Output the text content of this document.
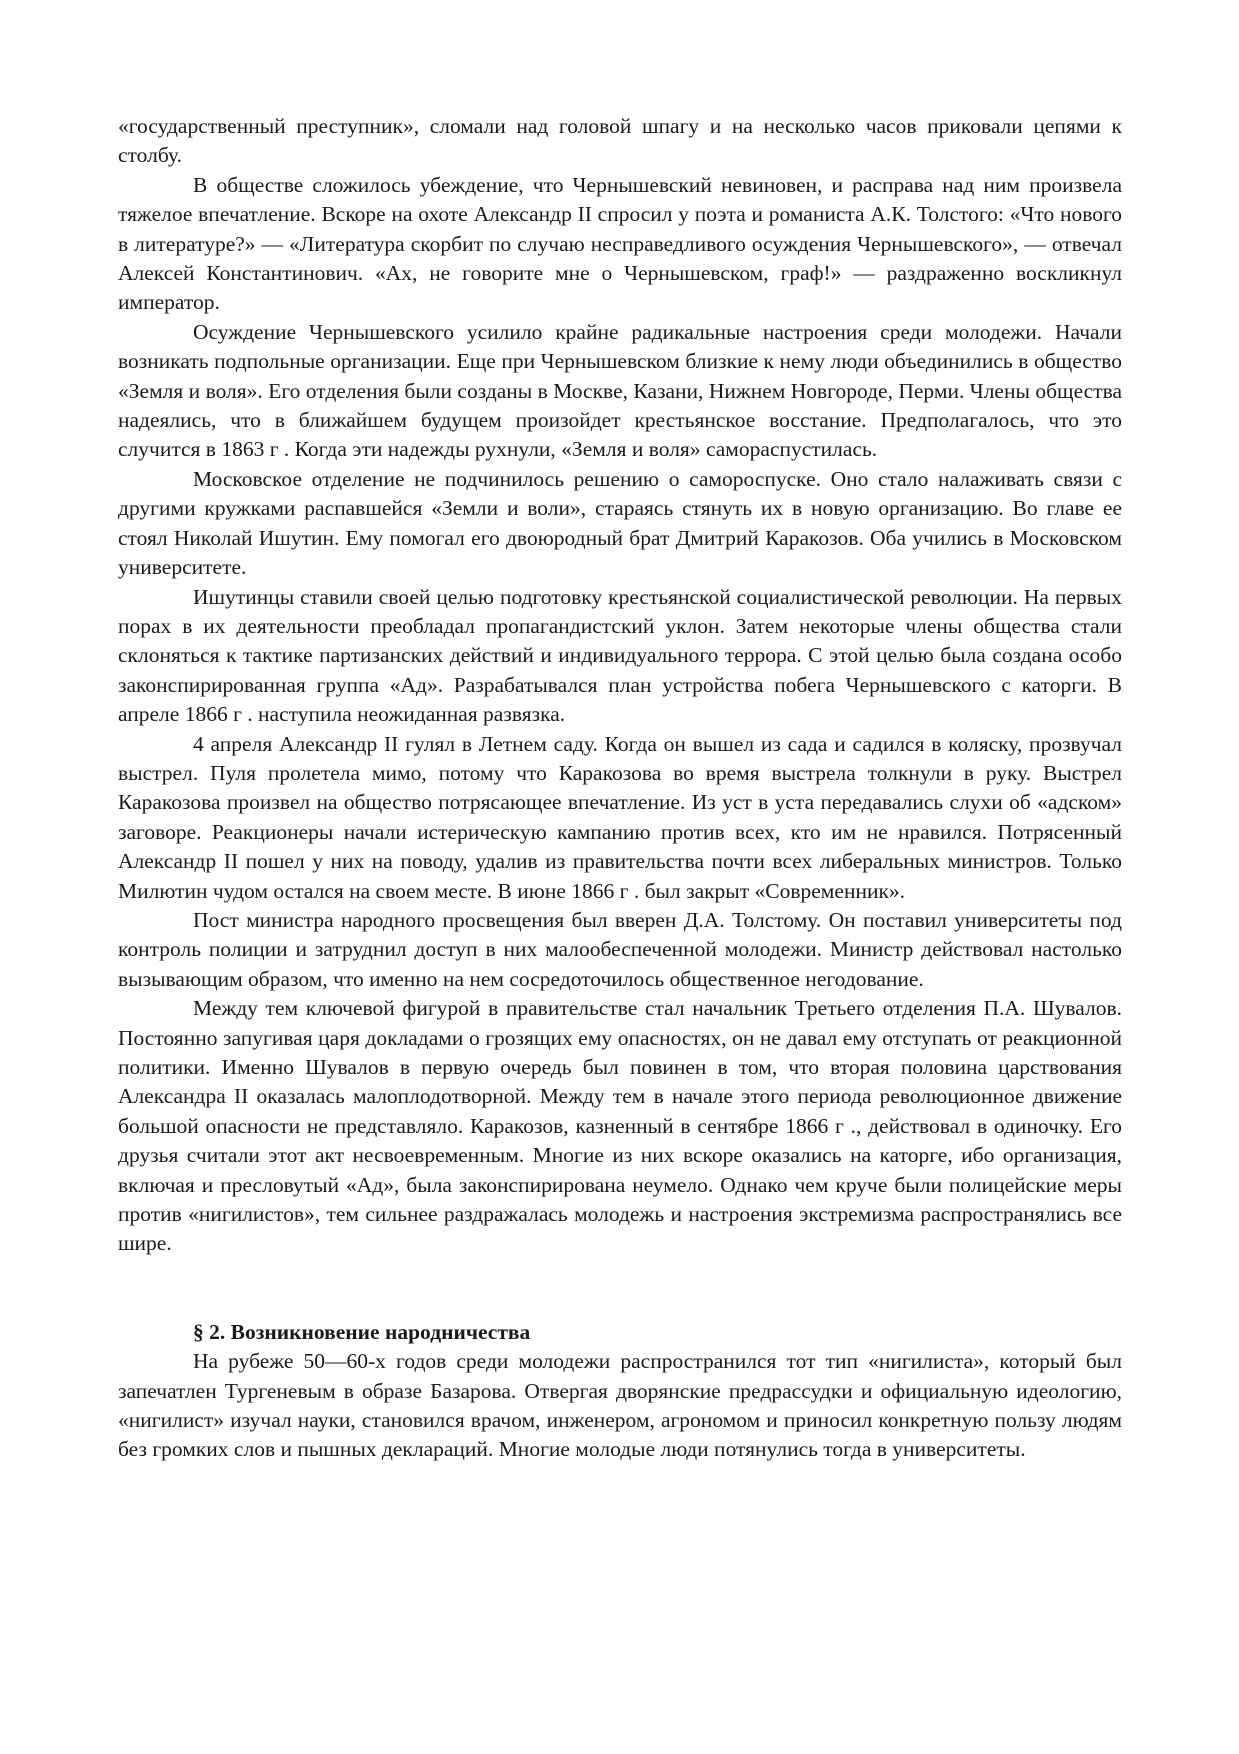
«государственный преступник», сломали над головой шпагу и на несколько часов приковали цепями к столбу.

В обществе сложилось убеждение, что Чернышевский невиновен, и расправа над ним произвела тяжелое впечатление. Вскоре на охоте Александр II спросил у поэта и романиста А.К. Толстого: «Что нового в литературе?» — «Литература скорбит по случаю несправедливого осуждения Чернышевского», — отвечал Алексей Константинович. «Ах, не говорите мне о Чернышевском, граф!» — раздраженно воскликнул император.

Осуждение Чернышевского усилило крайне радикальные настроения среди молодежи. Начали возникать подпольные организации. Еще при Чернышевском близкие к нему люди объединились в общество «Земля и воля». Его отделения были созданы в Москве, Казани, Нижнем Новгороде, Перми. Члены общества надеялись, что в ближайшем будущем произойдет крестьянское восстание. Предполагалось, что это случится в 1863 г . Когда эти надежды рухнули, «Земля и воля» самораспустилась.

Московское отделение не подчинилось решению о самороспуске. Оно стало налаживать связи с другими кружками распавшейся «Земли и воли», стараясь стянуть их в новую организацию. Во главе ее стоял Николай Ишутин. Ему помогал его двоюродный брат Дмитрий Каракозов. Оба учились в Московском университете.

Ишутинцы ставили своей целью подготовку крестьянской социалистической революции. На первых порах в их деятельности преобладал пропагандистский уклон. Затем некоторые члены общества стали склоняться к тактике партизанских действий и индивидуального террора. С этой целью была создана особо законспирированная группа «Ад». Разрабатывался план устройства побега Чернышевского с каторги. В апреле 1866 г . наступила неожиданная развязка.

4 апреля Александр II гулял в Летнем саду. Когда он вышел из сада и садился в коляску, прозвучал выстрел. Пуля пролетела мимо, потому что Каракозова во время выстрела толкнули в руку. Выстрел Каракозова произвел на общество потрясающее впечатление. Из уст в уста передавались слухи об «адском» заговоре. Реакционеры начали истерическую кампанию против всех, кто им не нравился. Потрясенный Александр II пошел у них на поводу, удалив из правительства почти всех либеральных министров. Только Милютин чудом остался на своем месте. В июне 1866 г . был закрыт «Современник».

Пост министра народного просвещения был вверен Д.А. Толстому. Он поставил университеты под контроль полиции и затруднил доступ в них малообеспеченной молодежи. Министр действовал настолько вызывающим образом, что именно на нем сосредоточилось общественное негодование.

Между тем ключевой фигурой в правительстве стал начальник Третьего отделения П.А. Шувалов. Постоянно запугивая царя докладами о грозящих ему опасностях, он не давал ему отступать от реакционной политики. Именно Шувалов в первую очередь был повинен в том, что вторая половина царствования Александра II оказалась малоплодотворной. Между тем в начале этого периода революционное движение большой опасности не представляло. Каракозов, казненный в сентябре 1866 г ., действовал в одиночку. Его друзья считали этот акт несвоевременным. Многие из них вскоре оказались на каторге, ибо организация, включая и пресловутый «Ад», была законспирирована неумело. Однако чем круче были полицейские меры против «нигилистов», тем сильнее раздражалась молодежь и настроения экстремизма распространялись все шире.

§ 2. Возникновение народничества

На рубеже 50—60-х годов среди молодежи распространился тот тип «нигилиста», который был запечатлен Тургеневым в образе Базарова. Отвергая дворянские предрассудки и официальную идеологию, «нигилист» изучал науки, становился врачом, инженером, агрономом и приносил конкретную пользу людям без громких слов и пышных деклараций. Многие молодые люди потянулись тогда в университеты.
